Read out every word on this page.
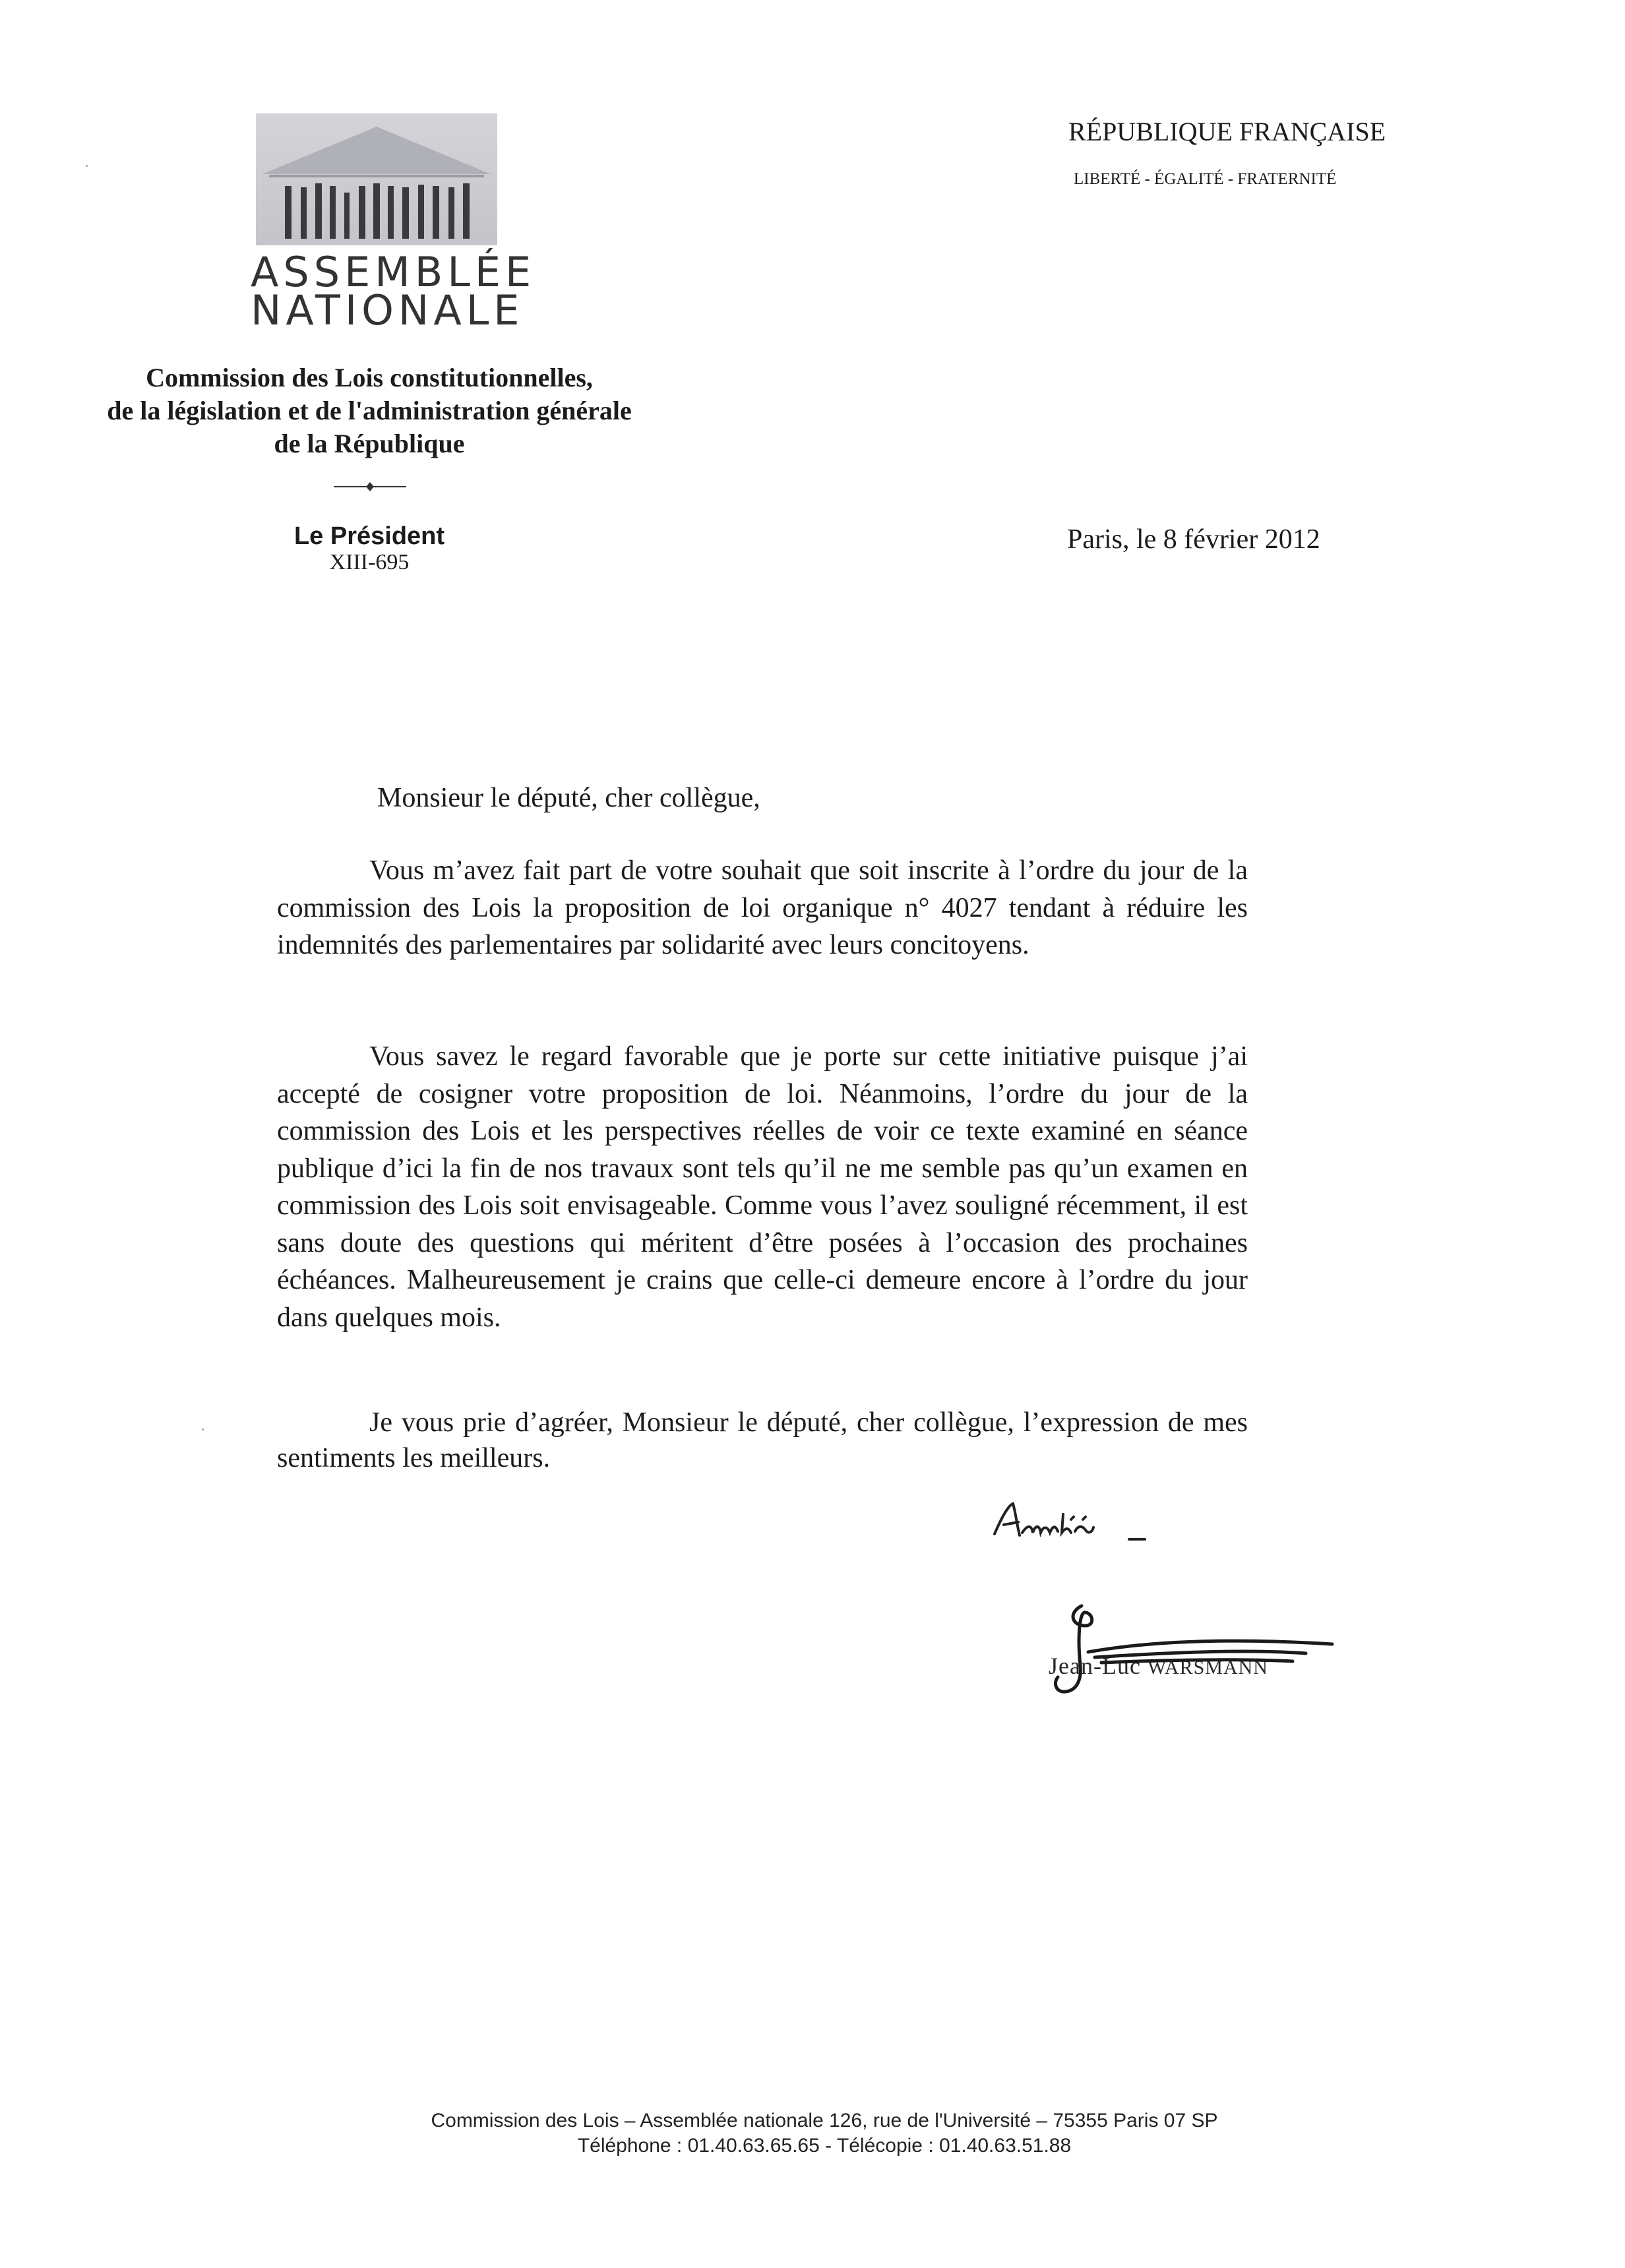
ASSEMBLÉE
NATIONALE
Commission des Lois constitutionnelles,
de la législation et de l'administration générale
de la République
Le Président
XIII-695
RÉPUBLIQUE FRANÇAISE
LIBERTÉ - ÉGALITÉ - FRATERNITÉ
Paris, le 8 février 2012
Monsieur le député, cher collègue,

Vous m’avez fait part de votre souhait que soit inscrite à l’ordre du jour de la commission des Lois la proposition de loi organique n° 4027 tendant à réduire les indemnités des parlementaires par solidarité avec leurs concitoyens.

Vous savez le regard favorable que je porte sur cette initiative puisque j’ai accepté de cosigner votre proposition de loi. Néanmoins, l’ordre du jour de la commission des Lois et les perspectives réelles de voir ce texte examiné en séance publique d’ici la fin de nos travaux sont tels qu’il ne me semble pas qu’un examen en commission des Lois soit envisageable. Comme vous l’avez souligné récemment, il est sans doute des questions qui méritent d’être posées à l’occasion des prochaines échéances. Malheureusement je crains que celle-ci demeure encore à l’ordre du jour dans quelques mois.

Je vous prie d’agréer, Monsieur le député, cher collègue, l’expression de mes sentiments les meilleurs.

Jean-Luc WARSMANN
Commission des Lois – Assemblée nationale 126, rue de l'Université – 75355 Paris 07 SP
Téléphone : 01.40.63.65.65 - Télécopie : 01.40.63.51.88
